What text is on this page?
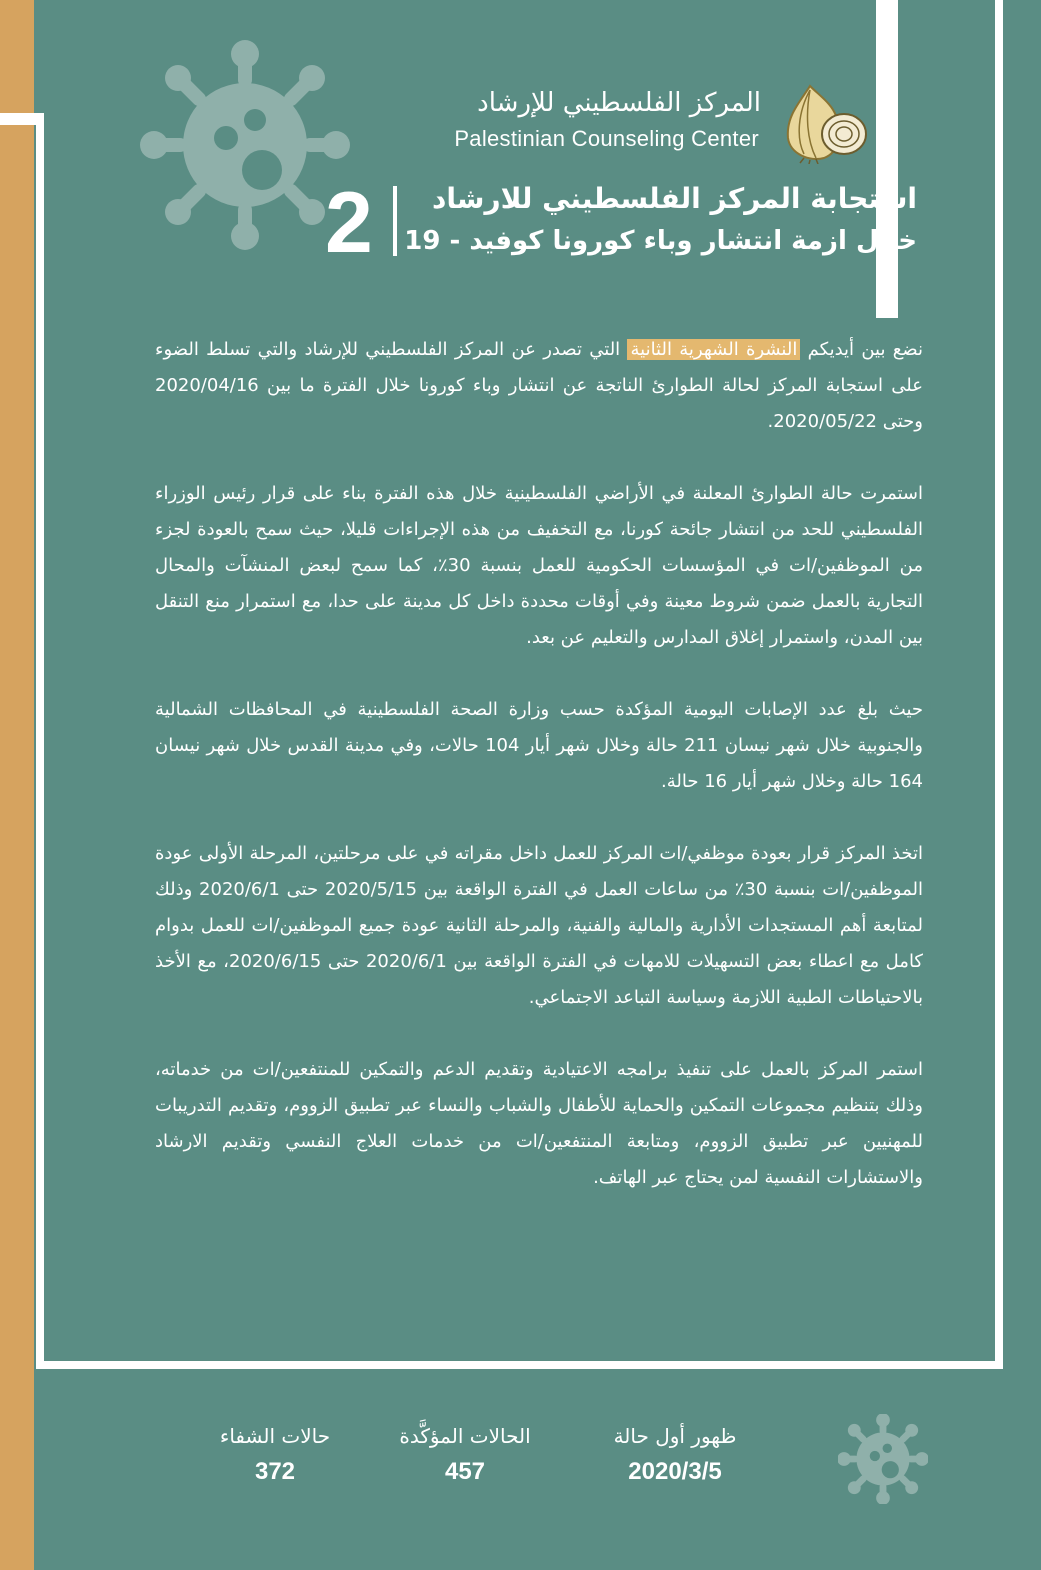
المركز الفلسطيني للإرشاد
Palestinian Counseling Center
2 استجابة المركز الفلسطيني للارشاد
خلال ازمة انتشار وباء كورونا كوفيد - 19

نضع بين أيديكم النشرة الشهرية الثانية التي تصدر عن المركز الفلسطيني للإرشاد والتي تسلط الضوء على استجابة المركز لحالة الطوارئ الناتجة عن انتشار وباء كورونا خلال الفترة ما بين 2020/04/16 وحتى 2020/05/22.

استمرت حالة الطوارئ المعلنة في الأراضي الفلسطينية خلال هذه الفترة بناء على قرار رئيس الوزراء الفلسطيني للحد من انتشار جائحة كورنا، مع التخفيف من هذه الإجراءات قليلا، حيث سمح بالعودة لجزء من الموظفين/ات في المؤسسات الحكومية للعمل بنسبة 30٪، كما سمح لبعض المنشآت والمحال التجارية بالعمل ضمن شروط معينة وفي أوقات محددة داخل كل مدينة على حدا، مع استمرار منع التنقل بين المدن، واستمرار إغلاق المدارس والتعليم عن بعد.

حيث بلغ عدد الإصابات اليومية المؤكدة حسب وزارة الصحة الفلسطينية في المحافظات الشمالية والجنوبية خلال شهر نيسان 211 حالة وخلال شهر أيار 104 حالات، وفي مدينة القدس خلال شهر نيسان 164 حالة وخلال شهر أيار 16 حالة.

اتخذ المركز قرار بعودة موظفي/ات المركز للعمل داخل مقراته في على مرحلتين، المرحلة الأولى عودة الموظفين/ات بنسبة 30٪ من ساعات العمل في الفترة الواقعة بين 2020/5/15 حتى 2020/6/1 وذلك لمتابعة أهم المستجدات الأدارية والمالية والفنية، والمرحلة الثانية عودة جميع الموظفين/ات للعمل بدوام كامل مع اعطاء بعض التسهيلات للامهات في الفترة الواقعة بين 2020/6/1 حتى 2020/6/15، مع الأخذ بالاحتياطات الطبية اللازمة وسياسة التباعد الاجتماعي.

استمر المركز بالعمل على تنفيذ برامجه الاعتيادية وتقديم الدعم والتمكين للمنتفعين/ات من خدماته، وذلك بتنظيم مجموعات التمكين والحماية للأطفال والشباب والنساء عبر تطبيق الزووم، وتقديم التدريبات للمهنيين عبر تطبيق الزووم، ومتابعة المنتفعين/ات من خدمات العلاج النفسي وتقديم الارشاد والاستشارات النفسية لمن يحتاج عبر الهاتف.

ظهور أول حالة
2020/3/5
الحالات المؤكَّدة
457
حالات الشفاء
372
